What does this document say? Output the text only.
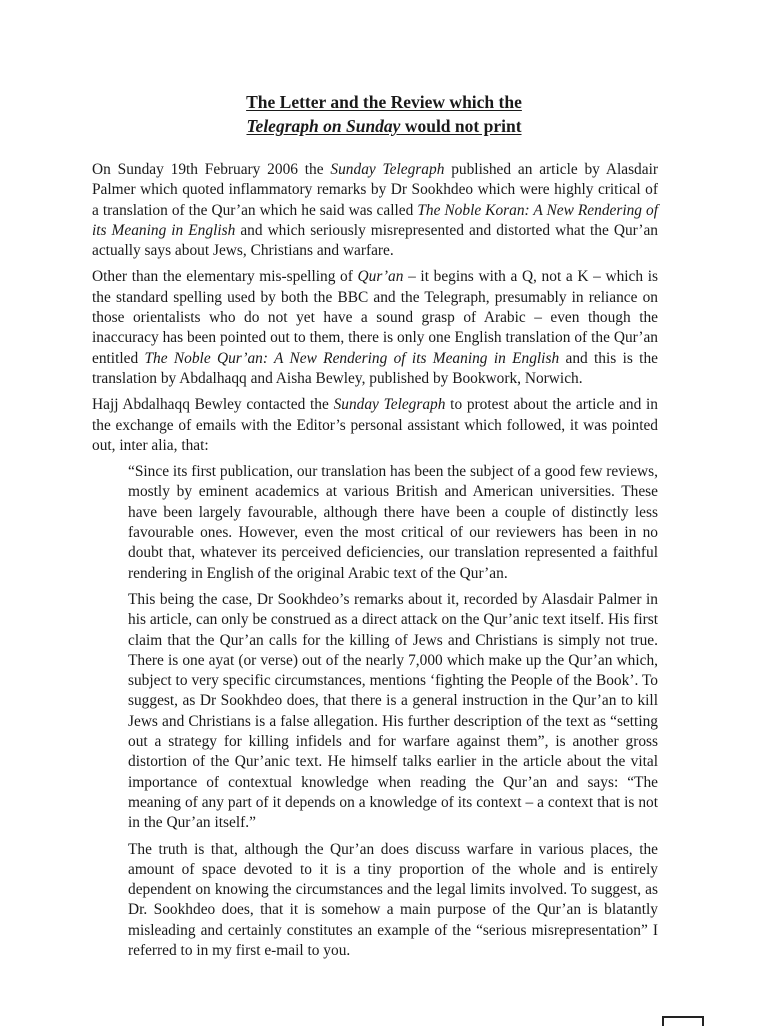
The Letter and the Review which the
Telegraph on Sunday would not print

On Sunday 19th February 2006 the Sunday Telegraph published an article by Alasdair Palmer which quoted inflammatory remarks by Dr Sookhdeo which were highly critical of a translation of the Qur’an which he said was called The Noble Koran: A New Rendering of its Meaning in English and which seriously misrepresented and distorted what the Qur’an actually says about Jews, Christians and warfare.

Other than the elementary mis-spelling of Qur’an – it begins with a Q, not a K – which is the standard spelling used by both the BBC and the Telegraph, presumably in reliance on those orientalists who do not yet have a sound grasp of Arabic – even though the inaccuracy has been pointed out to them, there is only one English translation of the Qur’an entitled The Noble Qur’an: A New Rendering of its Meaning in English and this is the translation by Abdalhaqq and Aisha Bewley, published by Bookwork, Norwich.

Hajj Abdalhaqq Bewley contacted the Sunday Telegraph to protest about the article and in the exchange of emails with the Editor’s personal assistant which followed, it was pointed out, inter alia, that:

“Since its first publication, our translation has been the subject of a good few reviews, mostly by eminent academics at various British and American universities. These have been largely favourable, although there have been a couple of distinctly less favourable ones. However, even the most critical of our reviewers has been in no doubt that, whatever its perceived deficiencies, our translation represented a faithful rendering in English of the original Arabic text of the Qur’an.

This being the case, Dr Sookhdeo’s remarks about it, recorded by Alasdair Palmer in his article, can only be construed as a direct attack on the Qur’anic text itself. His first claim that the Qur’an calls for the killing of Jews and Christians is simply not true. There is one ayat (or verse) out of the nearly 7,000 which make up the Qur’an which, subject to very specific circumstances, mentions ‘fighting the People of the Book’. To suggest, as Dr Sookhdeo does, that there is a general instruction in the Qur’an to kill Jews and Christians is a false allegation. His further description of the text as “setting out a strategy for killing infidels and for warfare against them”, is another gross distortion of the Qur’anic text. He himself talks earlier in the article about the vital importance of contextual knowledge when reading the Qur’an and says: “The meaning of any part of it depends on a knowledge of its context – a context that is not in the Qur’an itself.”

The truth is that, although the Qur’an does discuss warfare in various places, the amount of space devoted to it is a tiny proportion of the whole and is entirely dependent on knowing the circumstances and the legal limits involved. To suggest, as Dr. Sookhdeo does, that it is somehow a main purpose of the Qur’an is blatantly misleading and certainly constitutes an example of the “serious misrepresentation” I referred to in my first e-mail to you.
